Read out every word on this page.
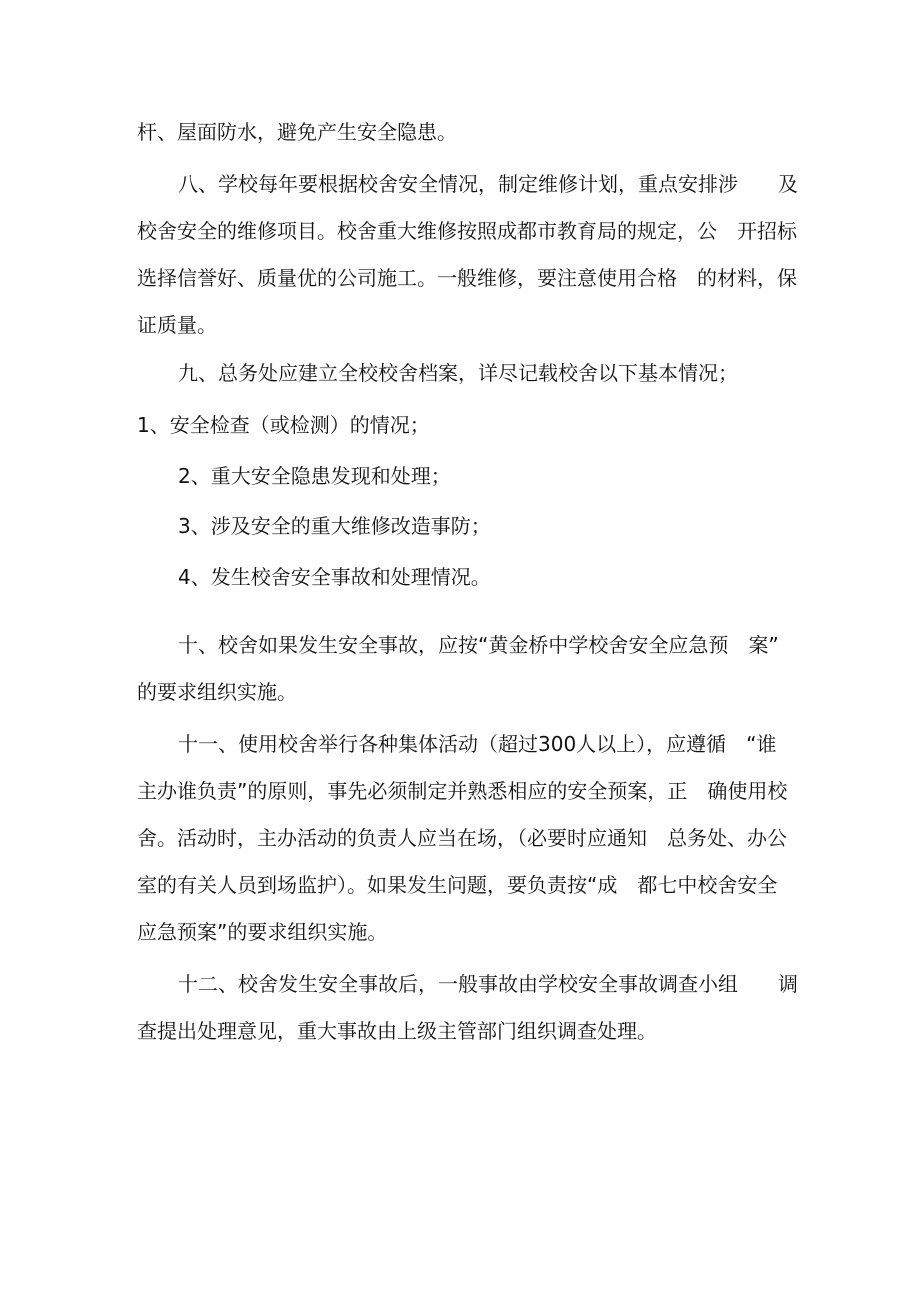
杆、屋面防水，避免产生安全隐患。
八、学校每年要根据校舍安全情况，制定维修计划，重点安排涉　　及
校舍安全的维修项目。校舍重大维修按照成都市教育局的规定，公　开招标
选择信誉好、质量优的公司施工。一般维修，要注意使用合格　的材料，保
证质量。
九、总务处应建立全校校舍档案，详尽记载校舍以下基本情况；
1、安全检查（或检测）的情况；
2、重大安全隐患发现和处理；
3、涉及安全的重大维修改造事防；
4、发生校舍安全事故和处理情况。
十、校舍如果发生安全事故，应按“黄金桥中学校舍安全应急预　案”
的要求组织实施。
十一、使用校舍举行各种集体活动（超过300人以上），应遵循　“谁
主办谁负责”的原则，事先必须制定并熟悉相应的安全预案，正　确使用校
舍。活动时，主办活动的负责人应当在场，（必要时应通知　总务处、办公
室的有关人员到场监护）。如果发生问题，要负责按“成　都七中校舍安全
应急预案”的要求组织实施。
十二、校舍发生安全事故后，一般事故由学校安全事故调查小组　　调
查提出处理意见，重大事故由上级主管部门组织调查处理。
